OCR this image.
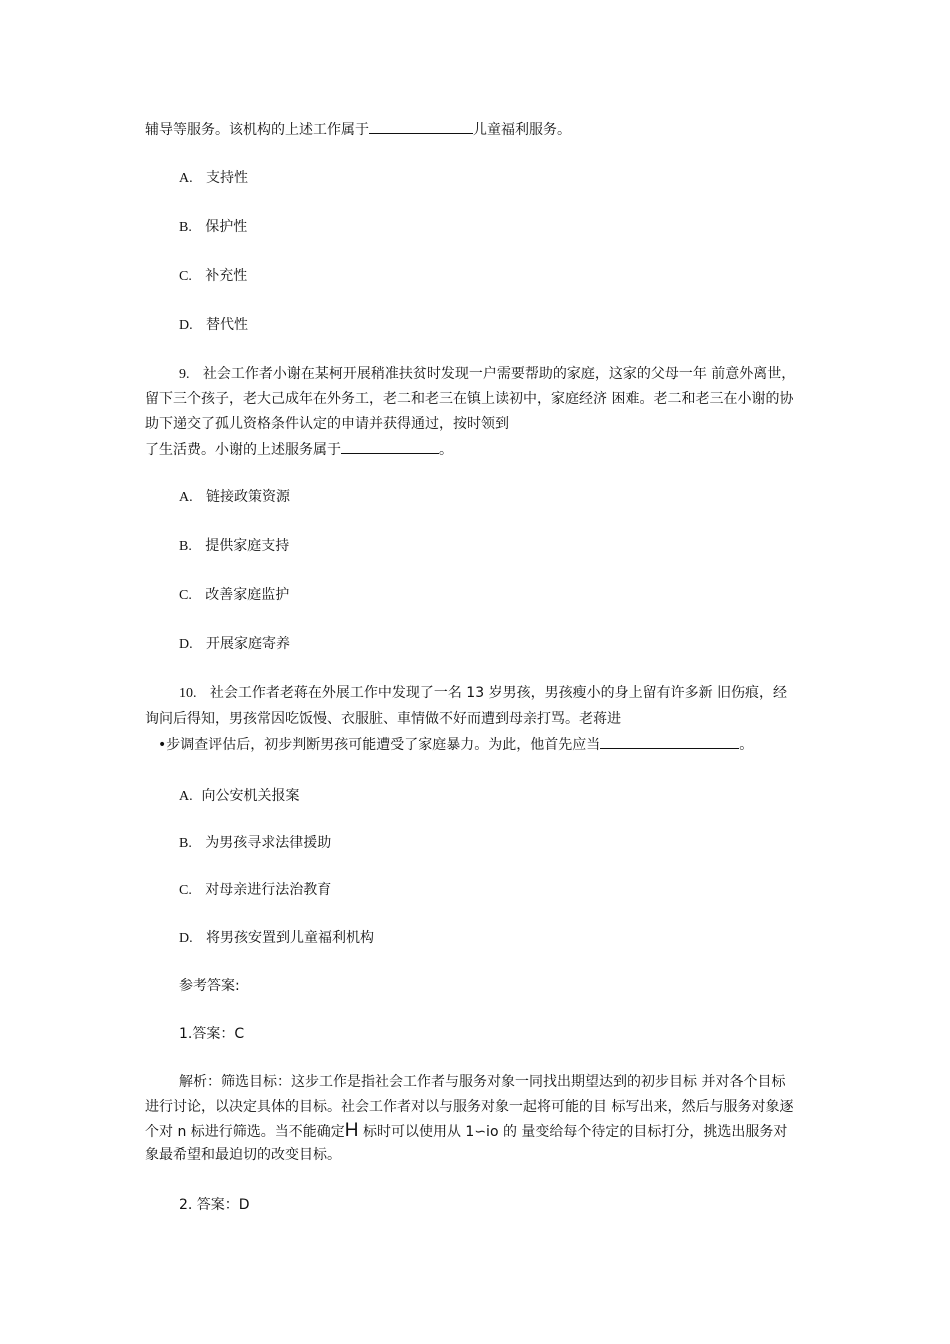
辅导等服务。该机构的上述工作属于	儿童福利服务。
A. 支持性
B. 保护性
C. 补充性
D. 替代性
9. 社会工作者小谢在某柯开展稍准扶贫时发现一户需要帮助的家庭，这家的父母一年 前意外离世，
留下三个孩子，老大己成年在外务工，老二和老三在镇上读初中，家庭经济 困难。老二和老三在小谢的协
助下递交了孤儿资格条件认定的申请并获得通过，按时领到
了生活费。小谢的上述服务属于	。
A. 链接政策资源
B. 提供家庭支持
C. 改善家庭监护
D. 开展家庭寄养
10. 社会工作者老蒋在外展工作中发现了一名 13 岁男孩，男孩瘦小的身上留有许多新 旧伤痕，经
询问后得知，男孩常因吃饭慢、衣服脏、車情做不好而遭到母亲打骂。老蒋进
•步调查评估后，初步判断男孩可能遭受了家庭暴力。为此，他首先应当	。
A. 向公安机关报案
B. 为男孩寻求法律援助
C. 对母亲进行法治教育
D. 将男孩安置到儿童福利机构
参考答案:
1.答案：C
解析：筛选目标：这步工作是指社会工作者与服务对象一同找出期望达到的初步目标 并对各个目标
进行讨论，以决定具体的目标。社会工作者对以与服务对象一起将可能的目 标写出来，然后与服务对象逐
个对 n 标进行筛选。当不能确定H 标时可以使用从 1∽io 的 量变给每个待定的目标打分，挑选出服务对
象最希望和最迫切的改变目标。
2. 答案：D
